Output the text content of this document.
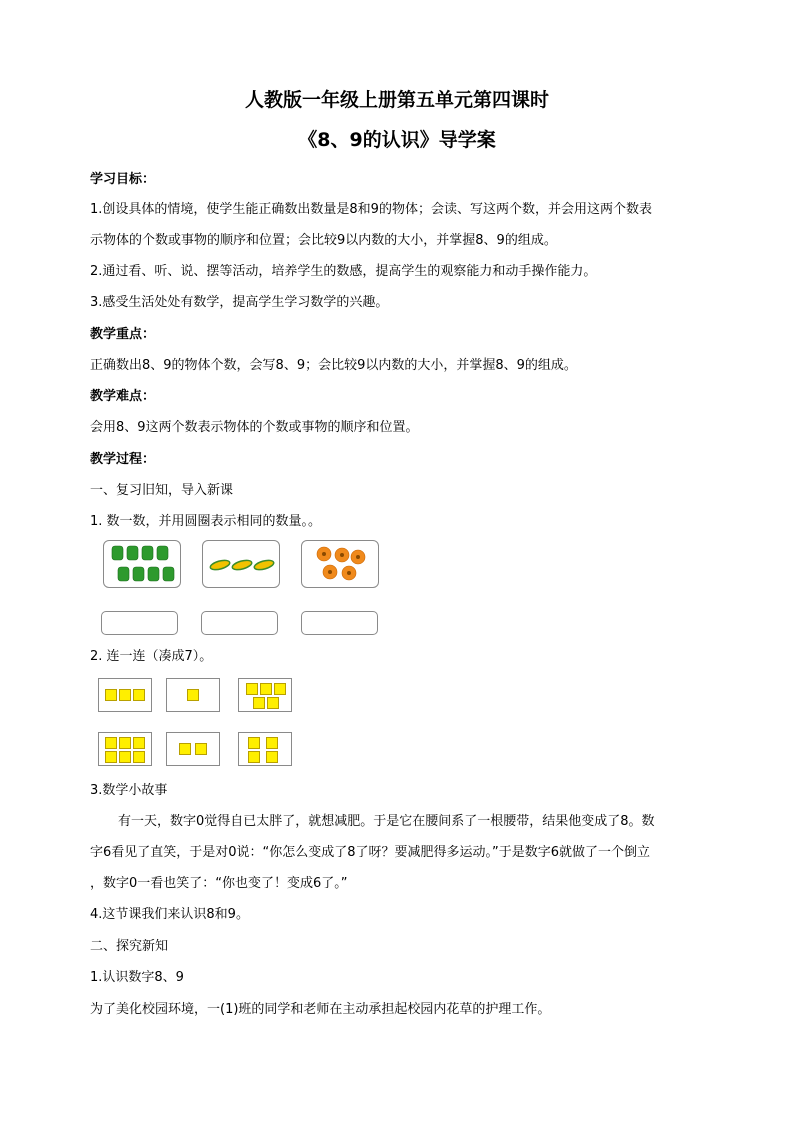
人教版一年级上册第五单元第四课时
《8、9的认识》导学案
学习目标：
1.创设具体的情境，使学生能正确数出数量是8和9的物体；会读、写这两个数，并会用这两个数表
示物体的个数或事物的顺序和位置；会比较9以内数的大小，并掌握8、9的组成。
2.通过看、听、说、摆等活动，培养学生的数感，提高学生的观察能力和动手操作能力。
3.感受生活处处有数学，提高学生学习数学的兴趣。
教学重点：
正确数出8、9的物体个数，会写8、9；会比较9以内数的大小，并掌握8、9的组成。
教学难点：
会用8、9这两个数表示物体的个数或事物的顺序和位置。
教学过程：
一、复习旧知，导入新课
1. 数一数，并用圆圈表示相同的数量。。
2. 连一连（凑成7）。
3.数学小故事
有一天，数字0觉得自已太胖了，就想减肥。于是它在腰间系了一根腰带，结果他变成了8。数
字6看见了直笑，于是对0说：“你怎么变成了8了呀？要减肥得多运动。”于是数字6就做了一个倒立
，数字0一看也笑了：“你也变了！变成6了。”
4.这节课我们来认识8和9。
二、探究新知
1.认识数字8、9
为了美化校园环境，一(1)班的同学和老师在主动承担起校园内花草的护理工作。
